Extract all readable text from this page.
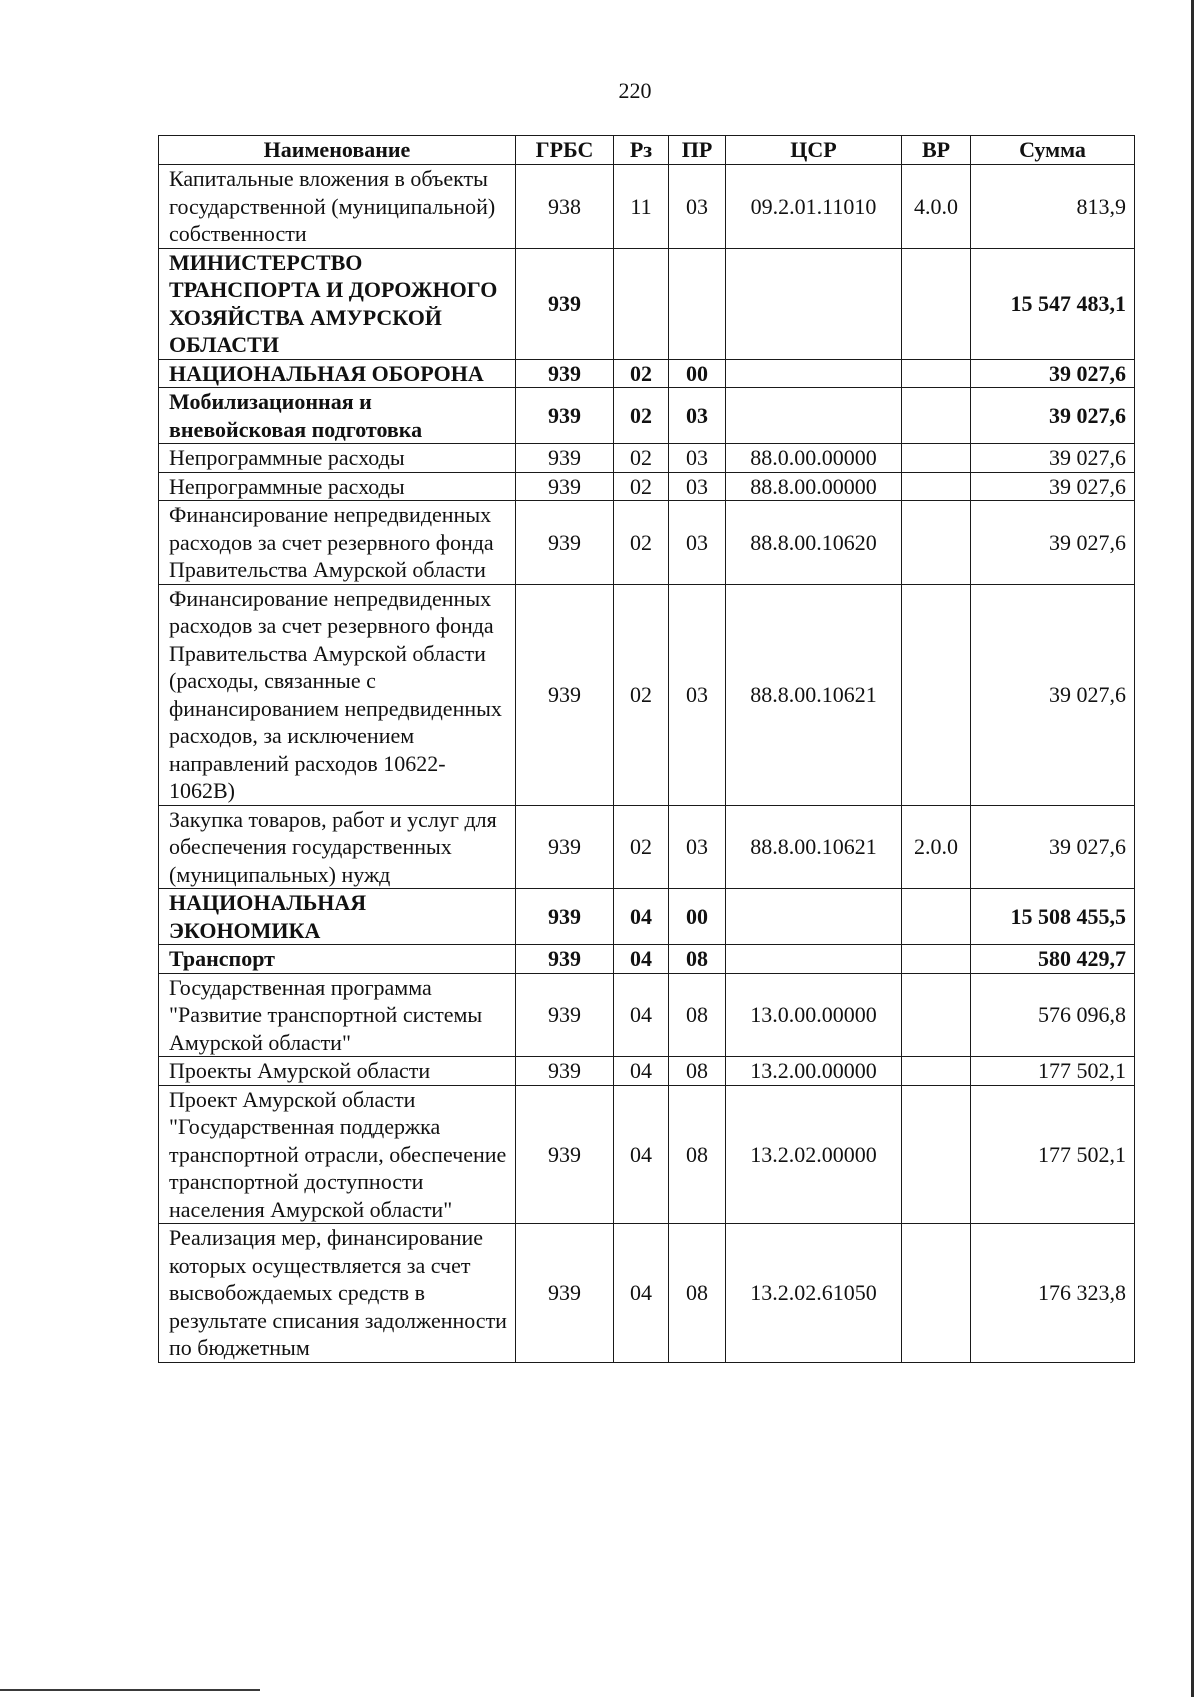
220
Наименование	ГРБС	Рз	ПР	ЦСР	ВР	Сумма
Капитальные вложения в объекты государственной (муниципальной) собственности	938	11	03	09.2.01.11010	4.0.0	813,9
МИНИСТЕРСТВО ТРАНСПОРТА И ДОРОЖНОГО ХОЗЯЙСТВА АМУРСКОЙ ОБЛАСТИ	939					15 547 483,1
НАЦИОНАЛЬНАЯ ОБОРОНА	939	02	00			39 027,6
Мобилизационная и вневойсковая подготовка	939	02	03			39 027,6
Непрограммные расходы	939	02	03	88.0.00.00000		39 027,6
Непрограммные расходы	939	02	03	88.8.00.00000		39 027,6
Финансирование непредвиденных расходов за счет резервного фонда Правительства Амурской области	939	02	03	88.8.00.10620		39 027,6
Финансирование непредвиденных расходов за счет резервного фонда Правительства Амурской области (расходы, связанные с финансированием непредвиденных расходов, за исключением направлений расходов 10622-1062В)	939	02	03	88.8.00.10621		39 027,6
Закупка товаров, работ и услуг для обеспечения государственных (муниципальных) нужд	939	02	03	88.8.00.10621	2.0.0	39 027,6
НАЦИОНАЛЬНАЯ ЭКОНОМИКА	939	04	00			15 508 455,5
Транспорт	939	04	08			580 429,7
Государственная программа "Развитие транспортной системы Амурской области"	939	04	08	13.0.00.00000		576 096,8
Проекты Амурской области	939	04	08	13.2.00.00000		177 502,1
Проект Амурской области "Государственная поддержка транспортной отрасли, обеспечение транспортной доступности населения Амурской области"	939	04	08	13.2.02.00000		177 502,1
Реализация мер, финансирование которых осуществляется за счет высвобождаемых средств в результате списания задолженности по бюджетным	939	04	08	13.2.02.61050		176 323,8
